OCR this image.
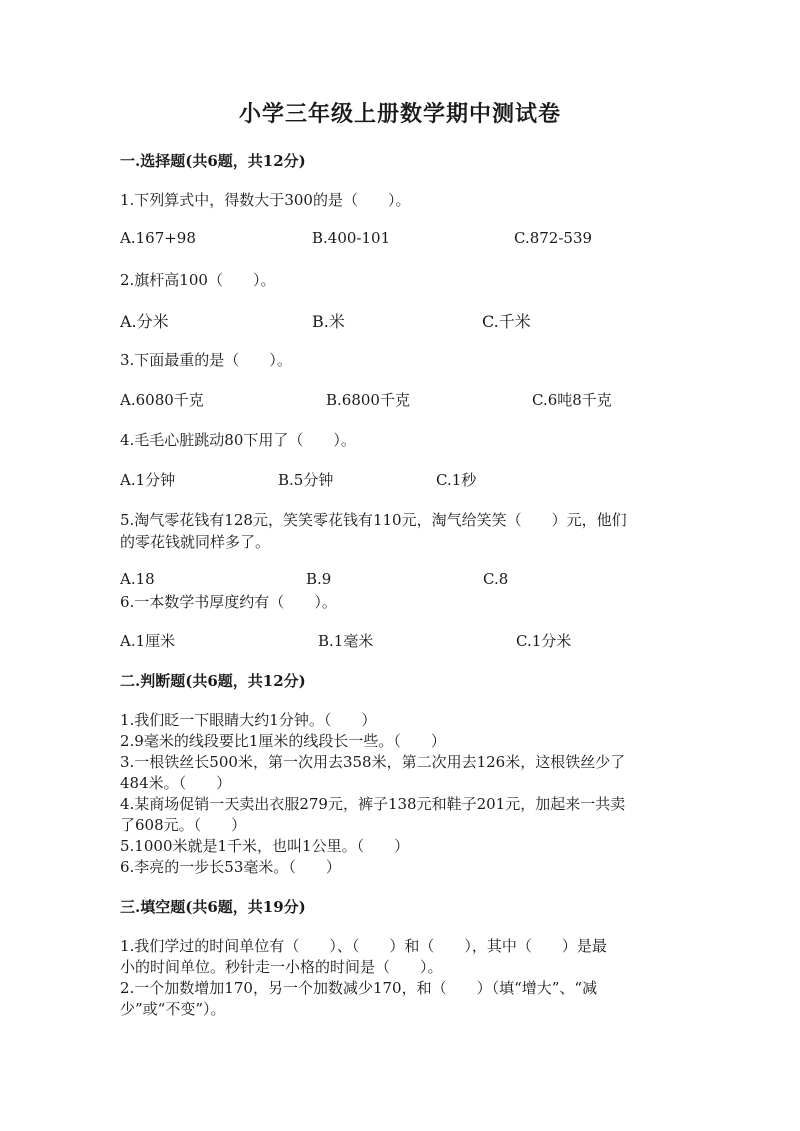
小学三年级上册数学期中测试卷
一.选择题(共6题，共12分)
1.下列算式中，得数大于300的是（　　）。
A.167+98	B.400-101	C.872-539
2.旗杆高100（　　）。
A.分米	B.米	C.千米
3.下面最重的是（　　）。
A.6080千克	B.6800千克	C.6吨8千克
4.毛毛心脏跳动80下用了（　　）。
A.1分钟	B.5分钟	C.1秒
5.淘气零花钱有128元，笑笑零花钱有110元，淘气给笑笑（　　）元，他们
的零花钱就同样多了。
A.18	B.9	C.8
6.一本数学书厚度约有（　　）。
A.1厘米	B.1毫米	C.1分米
二.判断题(共6题，共12分)
1.我们眨一下眼睛大约1分钟。（　　）
2.9毫米的线段要比1厘米的线段长一些。（　　）
3.一根铁丝长500米，第一次用去358米，第二次用去126米，这根铁丝少了
484米。（　　）
4.某商场促销一天卖出衣服279元，裤子138元和鞋子201元，加起来一共卖
了608元。（　　）
5.1000米就是1千米，也叫1公里。（　　）
6.李亮的一步长53毫米。（　　）
三.填空题(共6题，共19分)
1.我们学过的时间单位有（　　）、（　　）和（　　），其中（　　）是最
小的时间单位。秒针走一小格的时间是（　　）。
2.一个加数增加170，另一个加数减少170，和（　　）（填“增大”、“减
少”或“不变”）。
